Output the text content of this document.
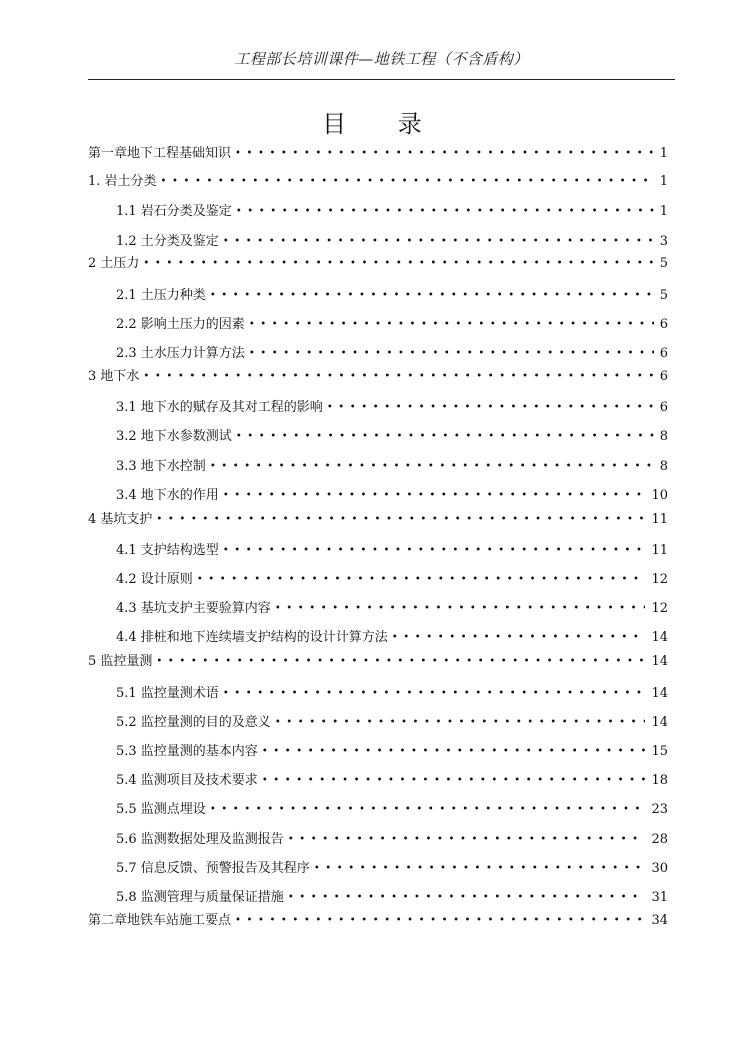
工程部长培训课件—地铁工程（不含盾构）
目 录
第一章地下工程基础知识 • • •	1
1. 岩土分类 • • •	1
1.1 岩石分类及鉴定 • • •	1
1.2 土分类及鉴定 • • •	3
2 土压力 • • •	5
2.1 土压力种类 • • •	5
2.2 影响土压力的因素 • • •	6
2.3 土水压力计算方法 • • •	6
3 地下水 • • •	6
3.1 地下水的赋存及其对工程的影响 • • •	6
3.2 地下水参数测试 • • •	8
3.3 地下水控制 • • •	8
3.4 地下水的作用 • • •	10
4 基坑支护 • • •	11
4.1 支护结构选型 • • •	11
4.2 设计原则 • • •	12
4.3 基坑支护主要验算内容 • • •	12
4.4 排桩和地下连续墙支护结构的设计计算方法 • • •	14
5 监控量测 • • •	14
5.1 监控量测术语 • • •	14
5.2 监控量测的目的及意义 • • •	14
5.3 监控量测的基本内容 • • •	15
5.4 监测项目及技术要求 • • •	18
5.5 监测点埋设 • • •	23
5.6 监测数据处理及监测报告 • • •	28
5.7 信息反馈、预警报告及其程序 • • •	30
5.8 监测管理与质量保证措施 • • •	31
第二章地铁车站施工要点 • • •	34
